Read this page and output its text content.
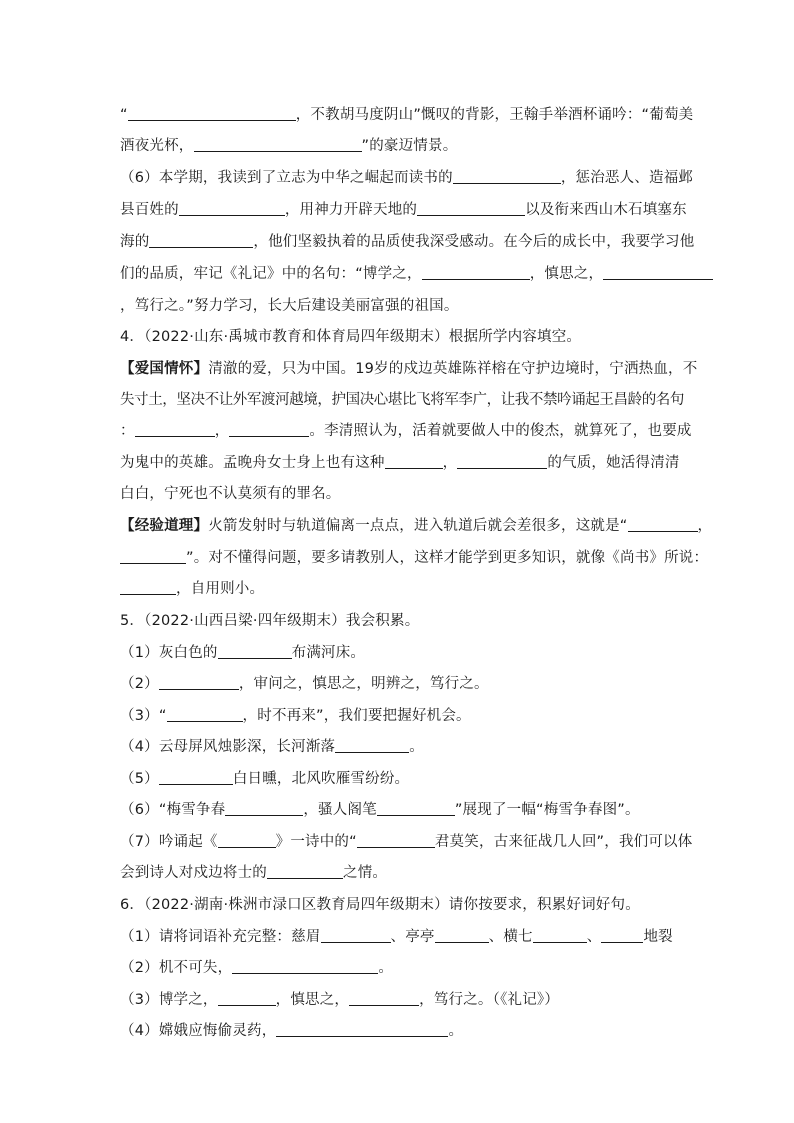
“	，不教胡马度阴山”慨叹的背影，王翰手举酒杯诵吟：“葡萄美
酒夜光杯，	”的豪迈情景。
（6）本学期，我读到了立志为中华之崛起而读书的	，惩治恶人、造福邺
县百姓的	，用神力开辟天地的	以及衔来西山木石填塞东
海的	，他们坚毅执着的品质使我深受感动。在今后的成长中，我要学习他
们的品质，牢记《礼记》中的名句：“博学之，	，慎思之，
，笃行之。”努力学习，长大后建设美丽富强的祖国。
4．（2022·山东·禹城市教育和体育局四年级期末）根据所学内容填空。
【爱国情怀】清澈的爱，只为中国。19岁的戍边英雄陈祥榕在守护边境时，宁洒热血，不
失寸土，坚决不让外军渡河越境，护国决心堪比飞将军李广，让我不禁吟诵起王昌龄的名句
：	，	。李清照认为，活着就要做人中的俊杰，就算死了，也要成
为鬼中的英雄。孟晚舟女士身上也有这种	，	的气质，她活得清清
白白，宁死也不认莫须有的罪名。
【经验道理】火箭发射时与轨道偏离一点点，进入轨道后就会差很多，这就是“	，
”。对不懂得问题，要多请教别人，这样才能学到更多知识，就像《尚书》所说：
，自用则小。
5．（2022·山西吕梁·四年级期末）我会积累。
（1）灰白色的	布满河床。
（2）	，审问之，慎思之，明辨之，笃行之。
（3）“	，时不再来”，我们要把握好机会。
（4）云母屏风烛影深，长河渐落	。
（5）	白日曛，北风吹雁雪纷纷。
（6）“梅雪争春	，骚人阁笔	”展现了一幅“梅雪争春图”。
（7）吟诵起《	》一诗中的“	君莫笑，古来征战几人回”，我们可以体
会到诗人对戍边将士的	之情。
6．（2022·湖南·株洲市渌口区教育局四年级期末）请你按要求，积累好词好句。
（1）请将词语补充完整：慈眉	、亭亭	、横七	、	地裂
（2）机不可失，	。
（3）博学之，	，慎思之，	，笃行之。（《礼记》）
（4）嫦娥应悔偷灵药，	。
